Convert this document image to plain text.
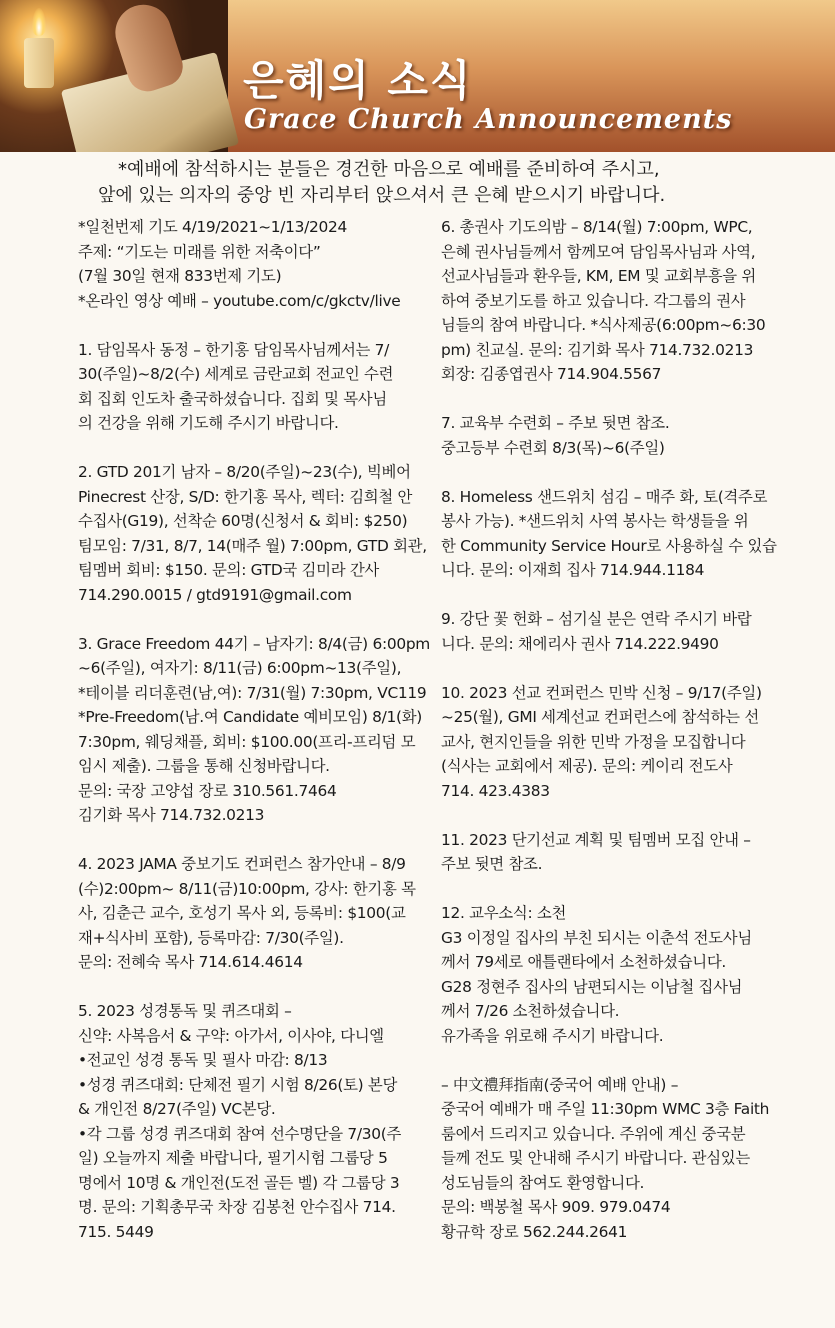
은혜의 소식
Grace Church Announcements
*예배에 참석하시는 분들은 경건한 마음으로 예배를 준비하여 주시고,
앞에 있는 의자의 중앙 빈 자리부터 앉으셔서 큰 은혜 받으시기 바랍니다.
*일천번제 기도 4/19/2021~1/13/2024
주제: “기도는 미래를 위한 저축이다”
(7월 30일 현재 833번제 기도)
*온라인 영상 예배 – youtube.com/c/gkctv/live
1. 담임목사 동정 – 한기홍 담임목사님께서는 7/
30(주일)~8/2(수) 세계로 금란교회 전교인 수련
회 집회 인도차 출국하셨습니다. 집회 및 목사님
의 건강을 위해 기도해 주시기 바랍니다.
2. GTD 201기 남자 – 8/20(주일)~23(수), 빅베어
Pinecrest 산장, S/D: 한기홍 목사, 렉터: 김희철 안
수집사(G19), 선착순 60명(신청서 & 회비: $250)
팀모임: 7/31, 8/7, 14(매주 월) 7:00pm, GTD 회관,
팀멤버 회비: $150. 문의: GTD국 김미라 간사
714.290.0015 / gtd9191@gmail.com
3. Grace Freedom 44기 – 남자기: 8/4(금) 6:00pm
~6(주일), 여자기: 8/11(금) 6:00pm~13(주일),
*테이블 리더훈련(남,여): 7/31(월) 7:30pm, VC119
*Pre-Freedom(남.여 Candidate 예비모임) 8/1(화)
7:30pm, 웨딩채플, 회비: $100.00(프리-프리덤 모
임시 제출). 그룹을 통해 신청바랍니다.
문의: 국장 고양섭 장로 310.561.7464
김기화 목사 714.732.0213
4. 2023 JAMA 중보기도 컨퍼런스 참가안내 – 8/9
(수)2:00pm~ 8/11(금)10:00pm, 강사: 한기홍 목
사, 김춘근 교수, 호성기 목사 외, 등록비: $100(교
재+식사비 포함), 등록마감: 7/30(주일).
문의: 전혜숙 목사 714.614.4614
5. 2023 성경통독 및 퀴즈대회 –
신약: 사복음서 & 구약: 아가서, 이사야, 다니엘
•전교인 성경 통독 및 필사 마감: 8/13
•성경 퀴즈대회: 단체전 필기 시험 8/26(토) 본당
& 개인전 8/27(주일) VC본당.
•각 그룹 성경 퀴즈대회 참여 선수명단을 7/30(주
일) 오늘까지 제출 바랍니다, 필기시험 그룹당 5
명에서 10명 & 개인전(도전 골든 벨) 각 그룹당 3
명. 문의: 기획총무국 차장 김봉천 안수집사 714.
715. 5449
6. 총권사 기도의밤 – 8/14(월) 7:00pm, WPC,
은혜 권사님들께서 함께모여 담임목사님과 사역,
선교사님들과 환우들, KM, EM 및 교회부흥을 위
하여 중보기도를 하고 있습니다. 각그룹의 권사
님들의 참여 바랍니다. *식사제공(6:00pm~6:30
pm) 친교실. 문의: 김기화 목사 714.732.0213
회장: 김종엽권사 714.904.5567
7. 교육부 수련회 – 주보 뒷면 참조.
중고등부 수련회 8/3(목)~6(주일)
8. Homeless 샌드위치 섬김 – 매주 화, 토(격주로
봉사 가능). *샌드위치 사역 봉사는 학생들을 위
한 Community Service Hour로 사용하실 수 있습
니다. 문의: 이재희 집사 714.944.1184
9. 강단 꽃 헌화 – 섬기실 분은 연락 주시기 바랍
니다. 문의: 채에리사 권사 714.222.9490
10. 2023 선교 컨퍼런스 민박 신청 – 9/17(주일)
~25(월), GMI 세계선교 컨퍼런스에 참석하는 선
교사, 현지인들을 위한 민박 가정을 모집합니다
(식사는 교회에서 제공). 문의: 케이리 전도사
714. 423.4383
11. 2023 단기선교 계획 및 팀멤버 모집 안내 –
주보 뒷면 참조.
12. 교우소식: 소천
G3 이정일 집사의 부친 되시는 이춘석 전도사님
께서 79세로 애틀랜타에서 소천하셨습니다.
G28 정현주 집사의 남편되시는 이남철 집사님
께서 7/26 소천하셨습니다.
유가족을 위로해 주시기 바랍니다.
– 中文禮拜指南(중국어 예배 안내) –
중국어 예배가 매 주일 11:30pm WMC 3층 Faith
룸에서 드리지고 있습니다. 주위에 계신 중국분
들께 전도 및 안내해 주시기 바랍니다. 관심있는
성도님들의 참여도 환영합니다.
문의: 백봉철 목사 909. 979.0474
황규학 장로 562.244.2641
